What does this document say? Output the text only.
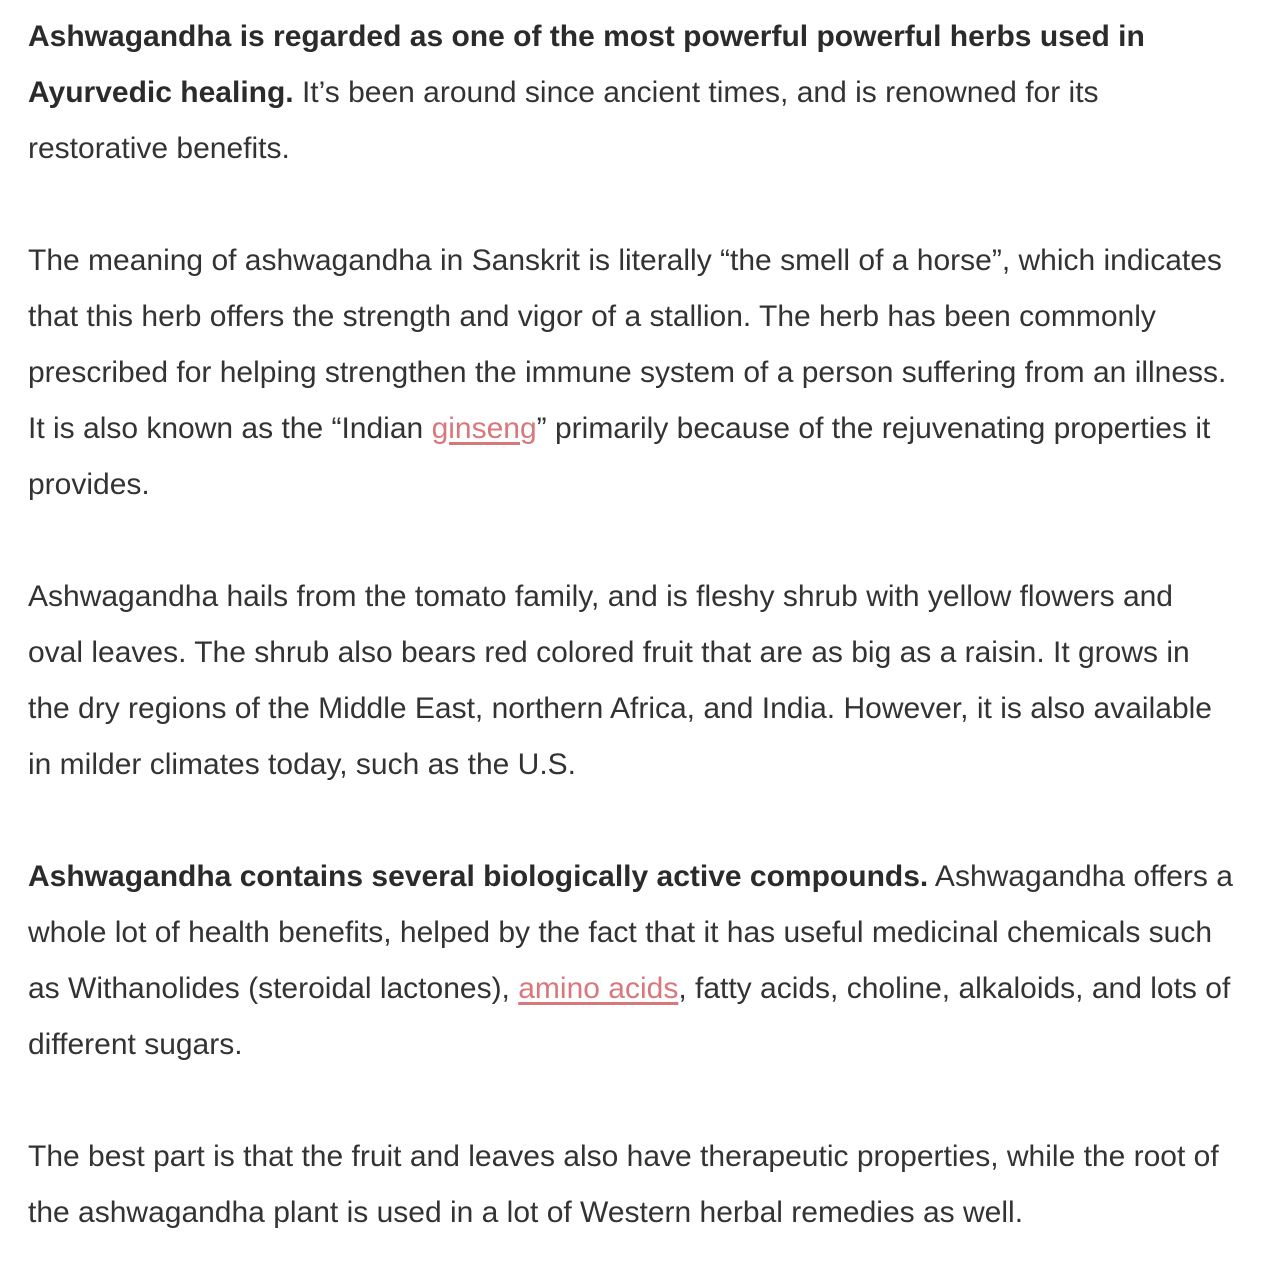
Ashwagandha is regarded as one of the most powerful powerful herbs used in Ayurvedic healing. It’s been around since ancient times, and is renowned for its restorative benefits.

The meaning of ashwagandha in Sanskrit is literally “the smell of a horse”, which indicates that this herb offers the strength and vigor of a stallion. The herb has been commonly prescribed for helping strengthen the immune system of a person suffering from an illness. It is also known as the “Indian ginseng” primarily because of the rejuvenating properties it provides.

Ashwagandha hails from the tomato family, and is fleshy shrub with yellow flowers and oval leaves. The shrub also bears red colored fruit that are as big as a raisin. It grows in the dry regions of the Middle East, northern Africa, and India. However, it is also available in milder climates today, such as the U.S.

Ashwagandha contains several biologically active compounds. Ashwagandha offers a whole lot of health benefits, helped by the fact that it has useful medicinal chemicals such as Withanolides (steroidal lactones), amino acids, fatty acids, choline, alkaloids, and lots of different sugars.

The best part is that the fruit and leaves also have therapeutic properties, while the root of the ashwagandha plant is used in a lot of Western herbal remedies as well.
